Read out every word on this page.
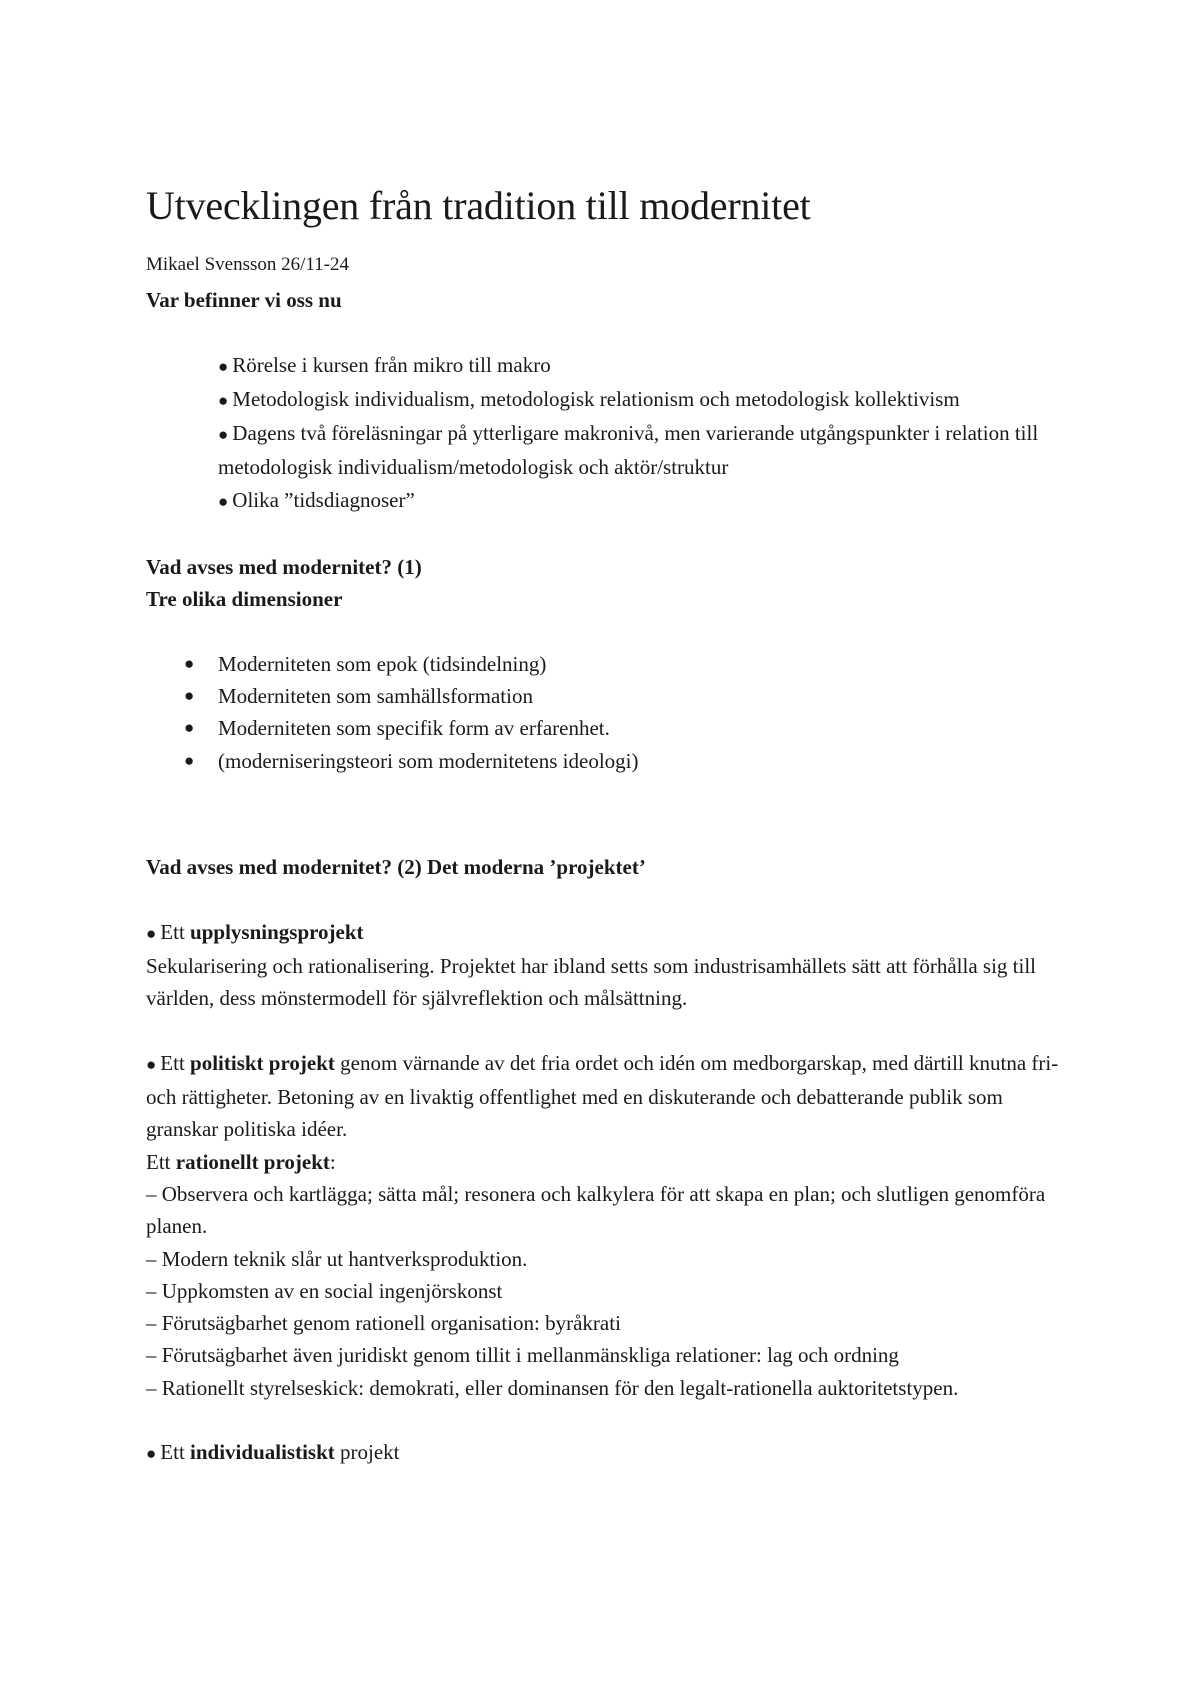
Utvecklingen från tradition till modernitet

Mikael Svensson 26/11-24

Var befinner vi oss nu

● Rörelse i kursen från mikro till makro

● Metodologisk individualism, metodologisk relationism och metodologisk kollektivism

● Dagens två föreläsningar på ytterligare makronivå, men varierande utgångspunkter i relation till metodologisk individualism/metodologisk och aktör/struktur

● Olika ”tidsdiagnoser”

Vad avses med modernitet? (1)

Tre olika dimensioner

● Moderniteten som epok (tidsindelning)
● Moderniteten som samhällsformation
● Moderniteten som specifik form av erfarenhet.
● (moderniseringsteori som modernitetens ideologi)

Vad avses med modernitet? (2) Det moderna ’projektet’

● Ett upplysningsprojekt

Sekularisering och rationalisering. Projektet har ibland setts som industrisamhällets sätt att förhålla sig till världen, dess mönstermodell för självreflektion och målsättning.

● Ett politiskt projekt genom värnande av det fria ordet och idén om medborgarskap, med därtill knutna fri- och rättigheter. Betoning av en livaktig offentlighet med en diskuterande och debatterande publik som granskar politiska idéer.

Ett rationellt projekt:

– Observera och kartlägga; sätta mål; resonera och kalkylera för att skapa en plan; och slutligen genomföra planen.

– Modern teknik slår ut hantverksproduktion.

– Uppkomsten av en social ingenjörskonst

– Förutsägbarhet genom rationell organisation: byråkrati

– Förutsägbarhet även juridiskt genom tillit i mellanmänskliga relationer: lag och ordning

– Rationellt styrelseskick: demokrati, eller dominansen för den legalt-rationella auktoritetstypen.

● Ett individualistiskt projekt
